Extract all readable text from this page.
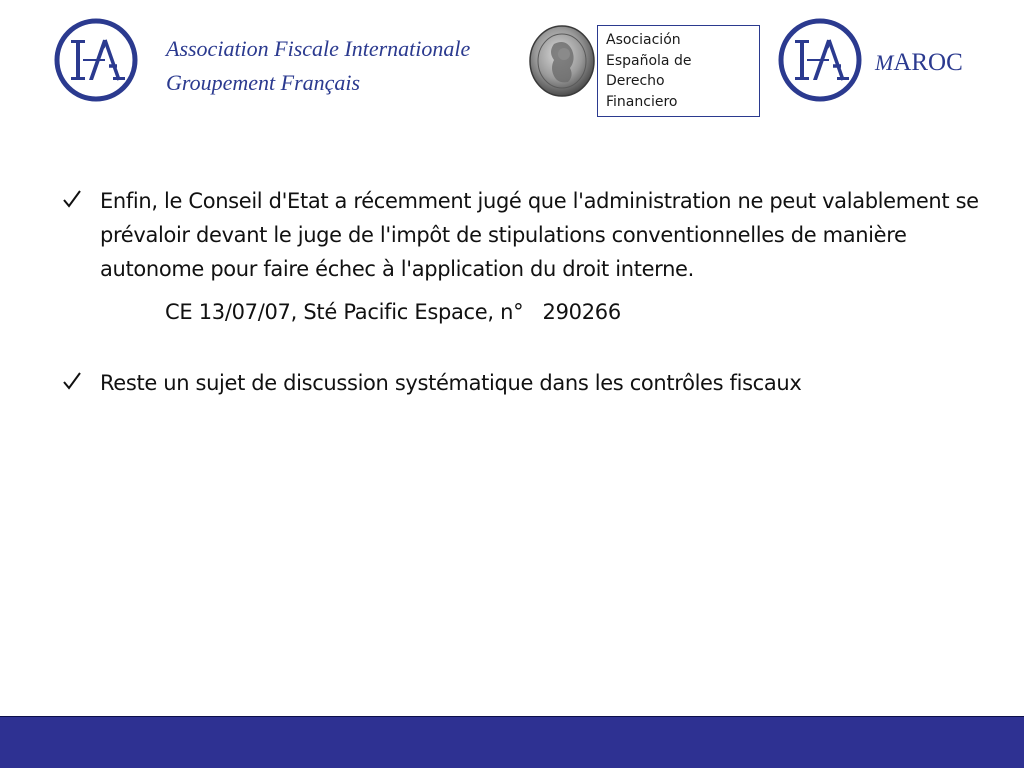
Association Fiscale Internationale
Groupement Français
Asociación
Española de
Derecho
Financiero
MAROC
Enfin, le Conseil d'Etat a récemment jugé que l'administration ne peut valablement se prévaloir devant le juge de l'impôt de stipulations conventionnelles de manière autonome pour faire échec à l'application du droit interne.
CE 13/07/07, Sté Pacific Espace, n°   290266
Reste un sujet de discussion systématique dans les contrôles fiscaux
